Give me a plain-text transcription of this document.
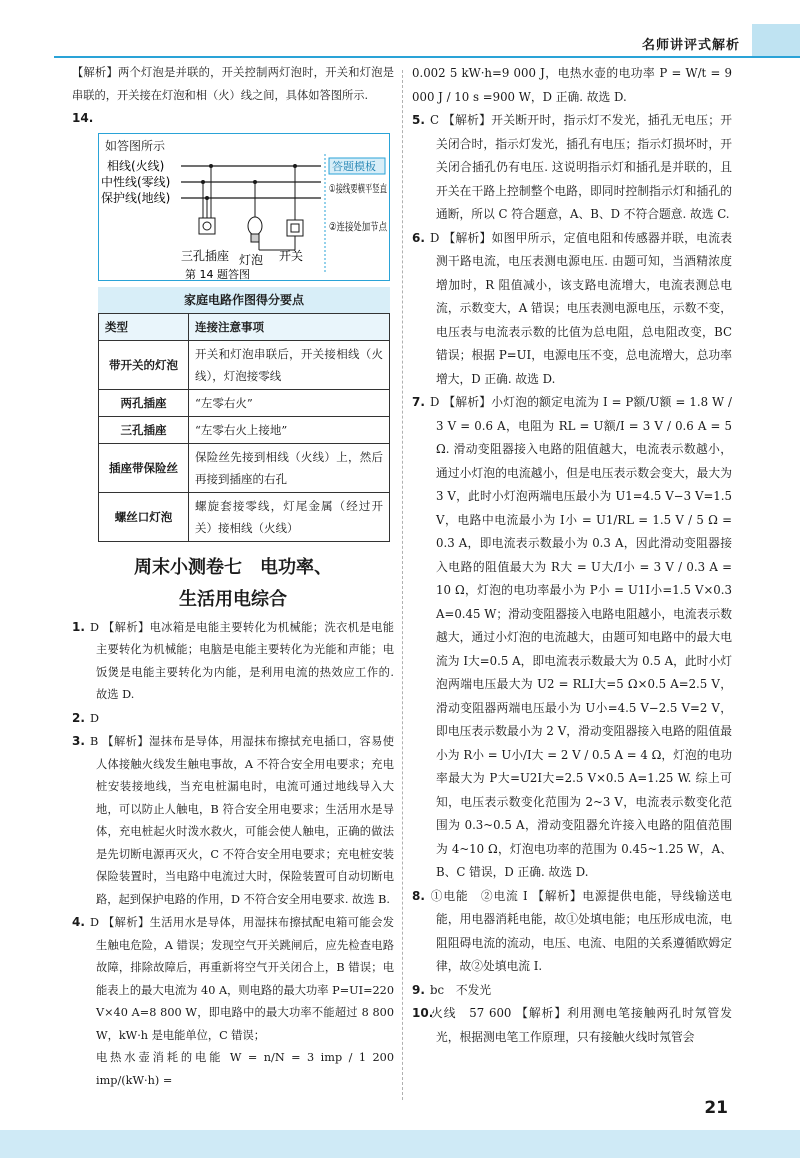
名师讲评式解析

【解析】两个灯泡是并联的，开关控制两灯泡时，开关和灯泡是串联的，开关接在灯泡和相（火）线之间，具体如答图所示.

14.

如答图所示
相线(火线)
中性线(零线)
保护线(地线)
三孔插座 灯泡 开关
第 14 题答图
答题模板
①接线要横平竖直
②连接处加节点
家庭电路作图得分要点
类型	连接注意事项
带开关的灯泡	开关和灯泡串联后，开关接相线（火线），灯泡接零线
两孔插座	“左零右火”
三孔插座	“左零右火上接地”
插座带保险丝	保险丝先接到相线（火线）上，然后再接到插座的右孔
螺丝口灯泡	螺旋套接零线，灯尾金属（经过开关）接相线（火线）
周末小测卷七　电功率、
生活用电综合

1. D 【解析】电冰箱是电能主要转化为机械能；洗衣机是电能主要转化为机械能；电脑是电能主要转化为光能和声能；电饭煲是电能主要转化为内能，是利用电流的热效应工作的. 故选 D.

2. D

3. B 【解析】湿抹布是导体，用湿抹布擦拭充电插口，容易使人体接触火线发生触电事故，A 不符合安全用电要求；充电桩安装接地线，当充电桩漏电时，电流可通过地线导入大地，可以防止人触电，B 符合安全用电要求；生活用水是导体，充电桩起火时泼水救火，可能会使人触电，正确的做法是先切断电源再灭火，C 不符合安全用电要求；充电桩安装保险装置时，当电路中电流过大时，保险装置可自动切断电路，起到保护电路的作用，D 不符合安全用电要求. 故选 B.

4. D 【解析】生活用水是导体，用湿抹布擦拭配电箱可能会发生触电危险，A 错误；发现空气开关跳闸后，应先检查电路故障，排除故障后，再重新将空气开关闭合上，B 错误；电能表上的最大电流为 40 A，则电路的最大功率 P=UI=220 V×40 A=8 800 W，即电路中的最大功率不能超过 8 800 W，kW·h 是电能单位，C 错误；

电热水壶消耗的电能 W = n/N = 3 imp / 1 200 imp/(kW·h) =

0.002 5 kW·h=9 000 J，电热水壶的电功率 P = W/t = 9 000 J / 10 s =900 W，D 正确. 故选 D.

5. C 【解析】开关断开时，指示灯不发光，插孔无电压；开关闭合时，指示灯发光，插孔有电压；指示灯损坏时，开关闭合插孔仍有电压. 这说明指示灯和插孔是并联的，且开关在干路上控制整个电路，即同时控制指示灯和插孔的通断，所以 C 符合题意，A、B、D 不符合题意. 故选 C.

6. D 【解析】如图甲所示，定值电阻和传感器并联，电流表测干路电流，电压表测电源电压. 由题可知，当酒精浓度增加时，R 阻值减小，该支路电流增大，电流表测总电流，示数变大，A 错误；电压表测电源电压，示数不变，电压表与电流表示数的比值为总电阻，总电阻改变，BC 错误；根据 P=UI，电源电压不变，总电流增大，总功率增大，D 正确. 故选 D.

7. D 【解析】小灯泡的额定电流为 I = P额/U额 = 1.8 W / 3 V = 0.6 A，电阻为 RL = U额/I = 3 V / 0.6 A = 5 Ω. 滑动变阻器接入电路的阻值越大，电流表示数越小，通过小灯泡的电流越小，但是电压表示数会变大，最大为 3 V，此时小灯泡两端电压最小为 U1=4.5 V−3 V=1.5 V，电路中电流最小为 I小 = U1/RL = 1.5 V / 5 Ω = 0.3 A，即电流表示数最小为 0.3 A，因此滑动变阻器接入电路的阻值最大为 R大 = U大/I小 = 3 V / 0.3 A = 10 Ω，灯泡的电功率最小为 P小 = U1I小=1.5 V×0.3 A=0.45 W；滑动变阻器接入电路电阻越小，电流表示数越大，通过小灯泡的电流越大，由题可知电路中的最大电流为 I大=0.5 A，即电流表示数最大为 0.5 A，此时小灯泡两端电压最大为 U2 = RLI大=5 Ω×0.5 A=2.5 V，滑动变阻器两端电压最小为 U小=4.5 V−2.5 V=2 V，即电压表示数最小为 2 V，滑动变阻器接入电路的阻值最小为 R小 = U小/I大 = 2 V / 0.5 A = 4 Ω，灯泡的电功率最大为 P大=U2I大=2.5 V×0.5 A=1.25 W. 综上可知，电压表示数变化范围为 2~3 V，电流表示数变化范围为 0.3~0.5 A，滑动变阻器允许接入电路的阻值范围为 4~10 Ω，灯泡电功率的范围为 0.45~1.25 W，A、B、C 错误，D 正确. 故选 D.

8. ①电能　②电流 I 【解析】电源提供电能，导线输送电能，用电器消耗电能，故①处填电能；电压形成电流，电阻阻碍电流的流动，电压、电流、电阻的关系遵循欧姆定律，故②处填电流 I.

9. bc　不发光

10.火线　57 600 【解析】利用测电笔接触两孔时氖管发光，根据测电笔工作原理，只有接触火线时氖管会

21
